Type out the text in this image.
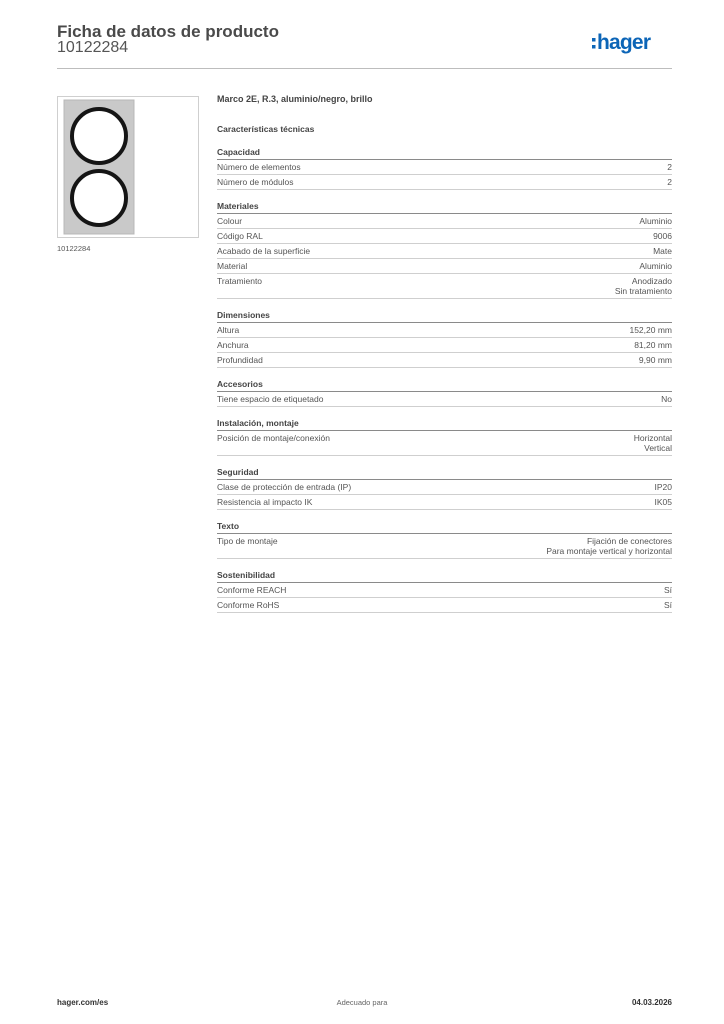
Ficha de datos de producto
10122284	hager
10122284
Marco 2E, R.3, aluminio/negro, brillo
Características técnicas
Capacidad
Número de elementos	2
Número de módulos	2
Materiales
Colour	Aluminio
Código RAL	9006
Acabado de la superficie	Mate
Material	Aluminio
Tratamiento	Anodizado
Sin tratamiento
Dimensiones
Altura	152,20 mm
Anchura	81,20 mm
Profundidad	9,90 mm
Accesorios
Tiene espacio de etiquetado	No
Instalación, montaje
Posición de montaje/conexión	Horizontal
Vertical
Seguridad
Clase de protección de entrada (IP)	IP20
Resistencia al impacto IK	IK05
Texto
Tipo de montaje	Fijación de conectores
Para montaje vertical y horizontal
Sostenibilidad
Conforme REACH	Sí
Conforme RoHS	Sí
hager.com/es	Adecuado para	04.03.2026
